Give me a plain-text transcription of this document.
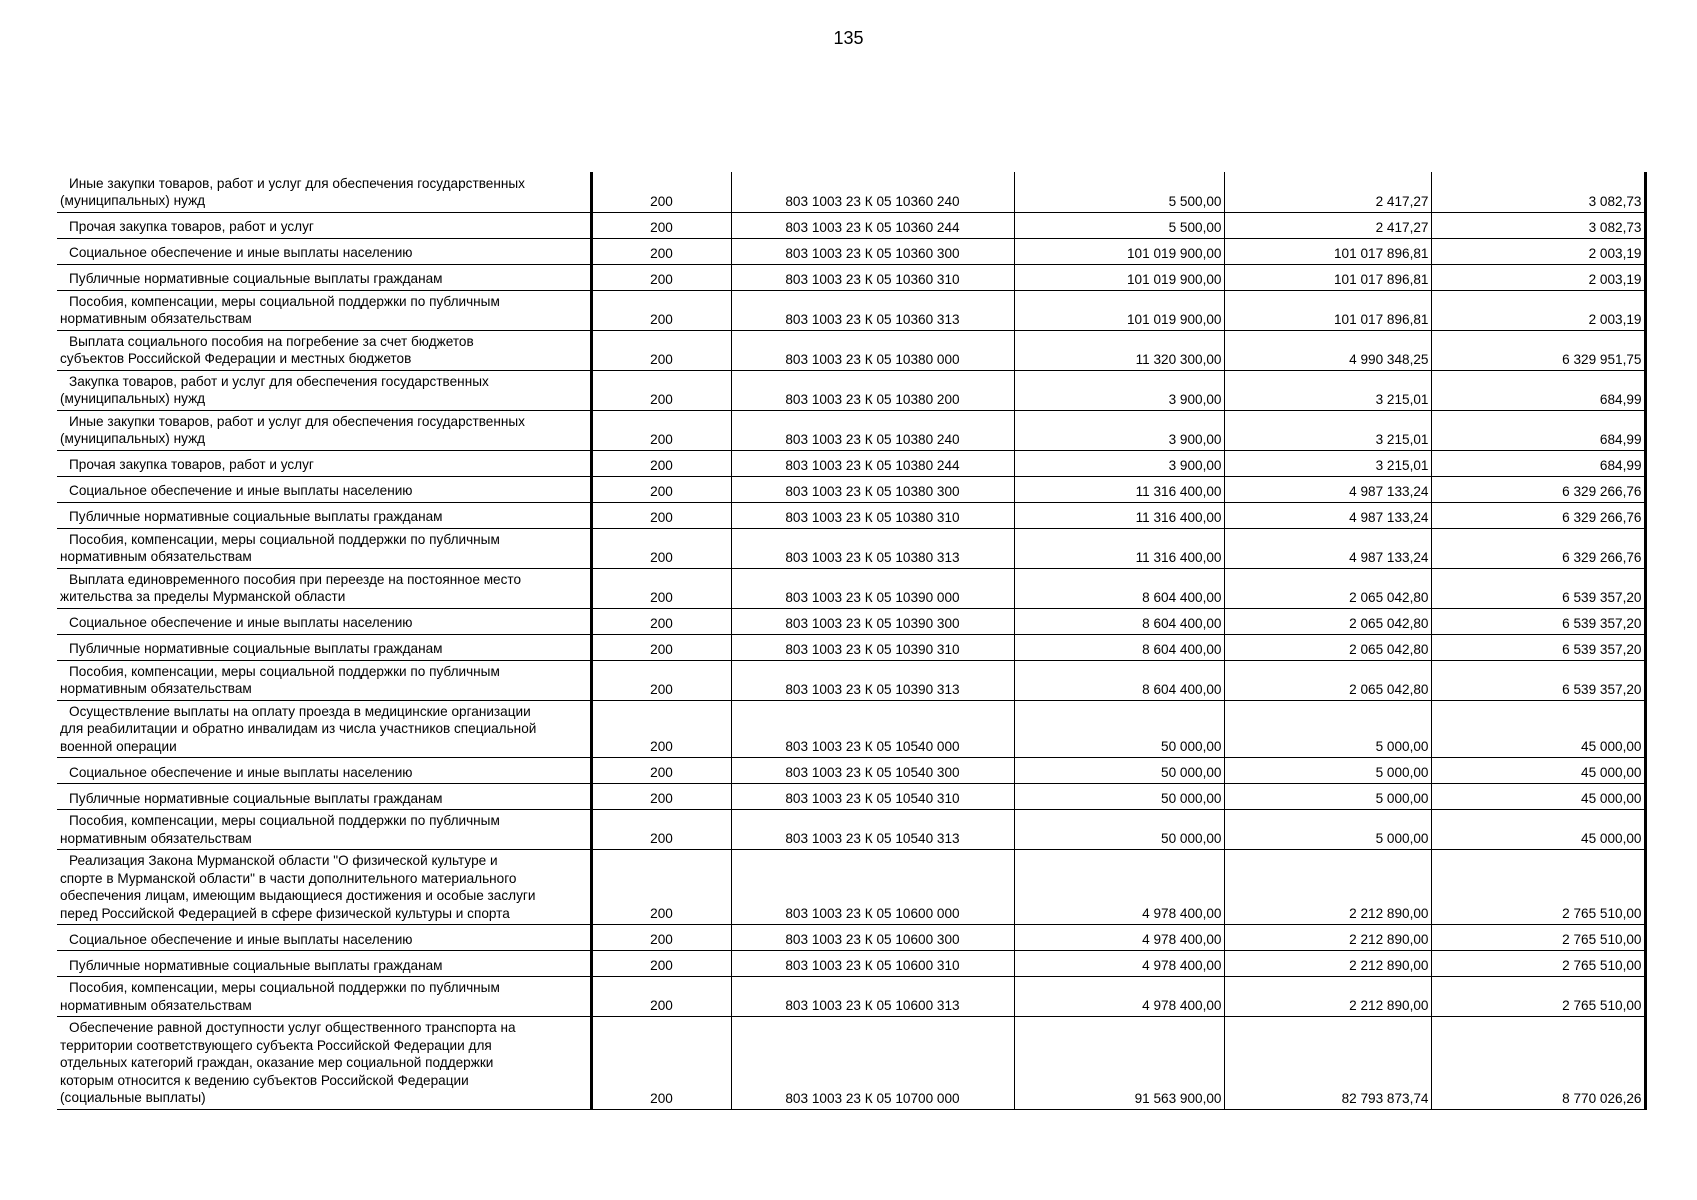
135
Иные закупки товаров, работ и услуг для обеспечения государственных
(муниципальных) нужд	200	803 1003 23 К 05 10360 240	5 500,00	2 417,27	3 082,73

Прочая закупка товаров, работ и услуг	200	803 1003 23 К 05 10360 244	5 500,00	2 417,27	3 082,73

Социальное обеспечение и иные выплаты населению	200	803 1003 23 К 05 10360 300	101 019 900,00	101 017 896,81	2 003,19

Публичные нормативные социальные выплаты гражданам	200	803 1003 23 К 05 10360 310	101 019 900,00	101 017 896,81	2 003,19

Пособия, компенсации, меры социальной поддержки по публичным
нормативным обязательствам	200	803 1003 23 К 05 10360 313	101 019 900,00	101 017 896,81	2 003,19

Выплата социального пособия на погребение за счет бюджетов
субъектов Российской Федерации и местных бюджетов	200	803 1003 23 К 05 10380 000	11 320 300,00	4 990 348,25	6 329 951,75

Закупка товаров, работ и услуг для обеспечения государственных
(муниципальных) нужд	200	803 1003 23 К 05 10380 200	3 900,00	3 215,01	684,99

Иные закупки товаров, работ и услуг для обеспечения государственных
(муниципальных) нужд	200	803 1003 23 К 05 10380 240	3 900,00	3 215,01	684,99

Прочая закупка товаров, работ и услуг	200	803 1003 23 К 05 10380 244	3 900,00	3 215,01	684,99

Социальное обеспечение и иные выплаты населению	200	803 1003 23 К 05 10380 300	11 316 400,00	4 987 133,24	6 329 266,76

Публичные нормативные социальные выплаты гражданам	200	803 1003 23 К 05 10380 310	11 316 400,00	4 987 133,24	6 329 266,76

Пособия, компенсации, меры социальной поддержки по публичным
нормативным обязательствам	200	803 1003 23 К 05 10380 313	11 316 400,00	4 987 133,24	6 329 266,76

Выплата единовременного пособия при переезде на постоянное место
жительства за пределы Мурманской области	200	803 1003 23 К 05 10390 000	8 604 400,00	2 065 042,80	6 539 357,20

Социальное обеспечение и иные выплаты населению	200	803 1003 23 К 05 10390 300	8 604 400,00	2 065 042,80	6 539 357,20

Публичные нормативные социальные выплаты гражданам	200	803 1003 23 К 05 10390 310	8 604 400,00	2 065 042,80	6 539 357,20

Пособия, компенсации, меры социальной поддержки по публичным
нормативным обязательствам	200	803 1003 23 К 05 10390 313	8 604 400,00	2 065 042,80	6 539 357,20

Осуществление выплаты на оплату проезда в медицинские организации
для реабилитации и обратно инвалидам из числа участников специальной
военной операции	200	803 1003 23 К 05 10540 000	50 000,00	5 000,00	45 000,00

Социальное обеспечение и иные выплаты населению	200	803 1003 23 К 05 10540 300	50 000,00	5 000,00	45 000,00

Публичные нормативные социальные выплаты гражданам	200	803 1003 23 К 05 10540 310	50 000,00	5 000,00	45 000,00

Пособия, компенсации, меры социальной поддержки по публичным
нормативным обязательствам	200	803 1003 23 К 05 10540 313	50 000,00	5 000,00	45 000,00

Реализация Закона Мурманской области "О физической культуре и
спорте в Мурманской области" в части дополнительного материального
обеспечения лицам, имеющим выдающиеся достижения и особые заслуги
перед Российской Федерацией в сфере физической культуры и спорта	200	803 1003 23 К 05 10600 000	4 978 400,00	2 212 890,00	2 765 510,00

Социальное обеспечение и иные выплаты населению	200	803 1003 23 К 05 10600 300	4 978 400,00	2 212 890,00	2 765 510,00

Публичные нормативные социальные выплаты гражданам	200	803 1003 23 К 05 10600 310	4 978 400,00	2 212 890,00	2 765 510,00

Пособия, компенсации, меры социальной поддержки по публичным
нормативным обязательствам	200	803 1003 23 К 05 10600 313	4 978 400,00	2 212 890,00	2 765 510,00

Обеспечение равной доступности услуг общественного транспорта на
территории соответствующего субъекта Российской Федерации для
отдельных категорий граждан, оказание мер социальной поддержки
которым относится к ведению субъектов Российской Федерации
(социальные выплаты)	200	803 1003 23 К 05 10700 000	91 563 900,00	82 793 873,74	8 770 026,26
